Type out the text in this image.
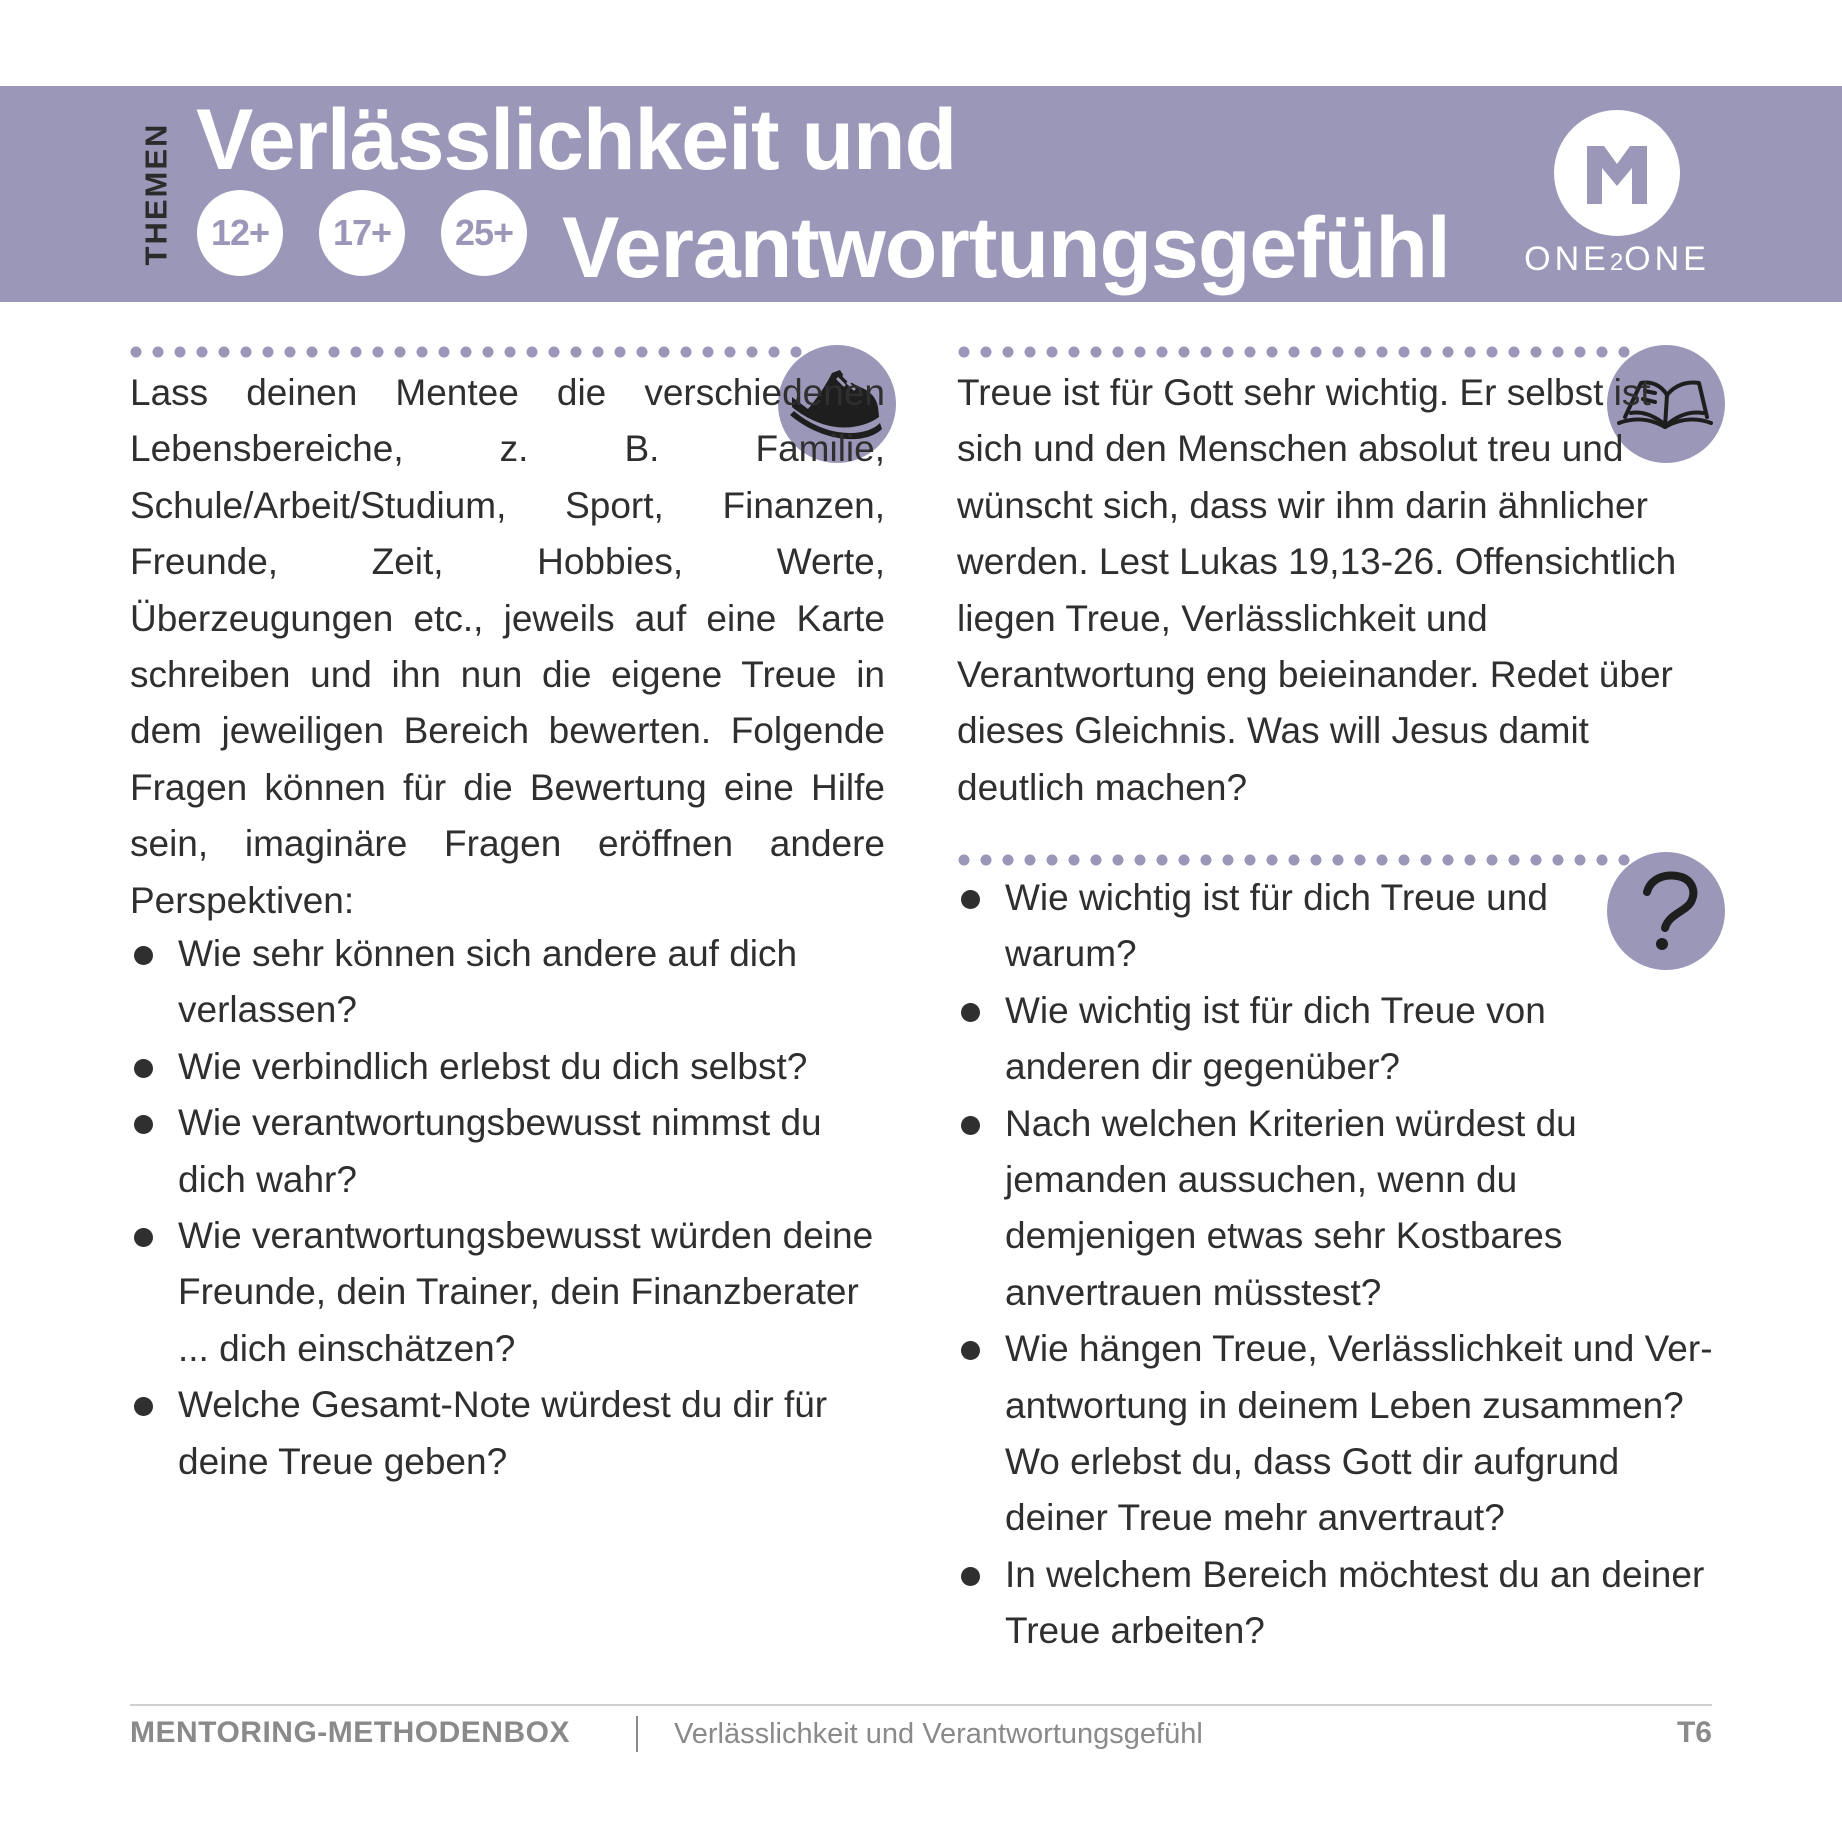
THEMEN Verlässlichkeit und
Verantwortungsgefühl
12+	17+	25+
ONE2ONE

Lass deinen Mentee die verschiedenen Lebensbereiche, z. B. Familie, Schule/Arbeit/Studium, Sport, Finanzen, Freunde, Zeit, Hobbies, Werte, Überzeugungen etc., jeweils auf eine Karte schreiben und ihn nun die eigene Treue in dem jeweiligen Bereich bewerten. Folgende Fragen können für die Bewertung eine Hilfe sein, imaginäre Fragen eröffnen andere Perspektiven:

Wie sehr können sich andere auf dich verlassen?
Wie verbindlich erlebst du dich selbst?
Wie verantwortungsbewusst nimmst du dich wahr?
Wie verantwortungsbewusst würden deine Freunde, dein Trainer, dein Finanzberater ... dich einschätzen?
Welche Gesamt-Note würdest du dir für deine Treue geben?

Treue ist für Gott sehr wichtig. Er selbst ist sich und den Menschen absolut treu und wünscht sich, dass wir ihm darin ähnlicher werden. Lest Lukas 19,13-26. Offensichtlich liegen Treue, Verlässlichkeit und Verantwortung eng beieinander. Redet über dieses Gleichnis. Was will Jesus damit deutlich machen?

Wie wichtig ist für dich Treue und warum?
Wie wichtig ist für dich Treue von anderen dir gegenüber?
Nach welchen Kriterien würdest du jemanden aussuchen, wenn du demjenigen etwas sehr Kostbares anvertrauen müsstest?
Wie hängen Treue, Verlässlichkeit und Verantwortung in deinem Leben zusammen? Wo erlebst du, dass Gott dir aufgrund deiner Treue mehr anvertraut?
In welchem Bereich möchtest du an deiner Treue arbeiten?
MENTORING-METHODENBOX	Verlässlichkeit und Verantwortungsgefühl	T6
